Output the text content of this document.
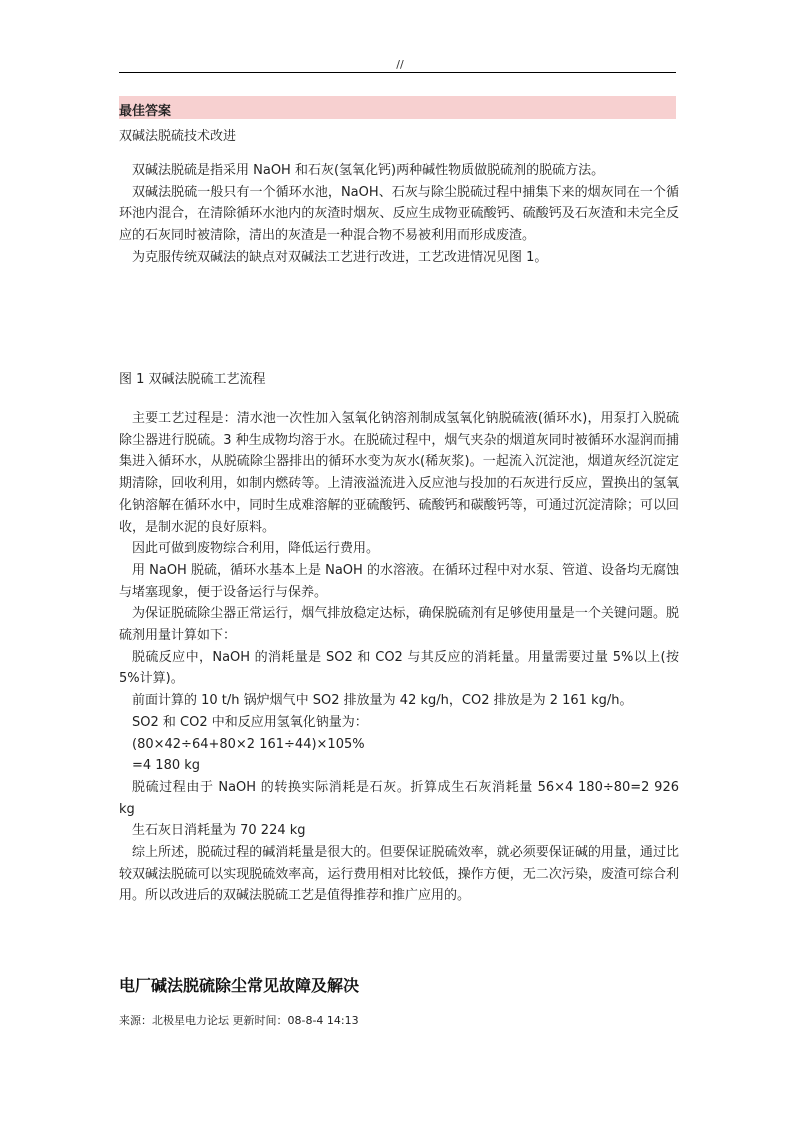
//
最佳答案
双碱法脱硫技术改进

双碱法脱硫是指采用 NaOH 和石灰(氢氧化钙)两种碱性物质做脱硫剂的脱硫方法。

双碱法脱硫一般只有一个循环水池，NaOH、石灰与除尘脱硫过程中捕集下来的烟灰同在一个循环池内混合，在清除循环水池内的灰渣时烟灰、反应生成物亚硫酸钙、硫酸钙及石灰渣和未完全反应的石灰同时被清除，清出的灰渣是一种混合物不易被利用而形成废渣。

为克服传统双碱法的缺点对双碱法工艺进行改进，工艺改进情况见图 1。

图 1 双碱法脱硫工艺流程

主要工艺过程是：清水池一次性加入氢氧化钠溶剂制成氢氧化钠脱硫液(循环水)，用泵打入脱硫除尘器进行脱硫。3 种生成物均溶于水。在脱硫过程中，烟气夹杂的烟道灰同时被循环水湿润而捕集进入循环水，从脱硫除尘器排出的循环水变为灰水(稀灰浆)。一起流入沉淀池，烟道灰经沉淀定期清除，回收利用，如制内燃砖等。上清液溢流进入反应池与投加的石灰进行反应，置换出的氢氧化钠溶解在循环水中，同时生成难溶解的亚硫酸钙、硫酸钙和碳酸钙等，可通过沉淀清除；可以回收，是制水泥的良好原料。

因此可做到废物综合利用，降低运行费用。

用 NaOH 脱硫，循环水基本上是 NaOH 的水溶液。在循环过程中对水泵、管道、设备均无腐蚀与堵塞现象，便于设备运行与保养。

为保证脱硫除尘器正常运行，烟气排放稳定达标，确保脱硫剂有足够使用量是一个关键问题。脱硫剂用量计算如下：

脱硫反应中，NaOH 的消耗量是 SO2 和 CO2 与其反应的消耗量。用量需要过量 5%以上(按 5%计算)。

前面计算的 10 t/h 锅炉烟气中 SO2 排放量为 42 kg/h，CO2 排放是为 2 161 kg/h。

SO2 和 CO2 中和反应用氢氧化钠量为：

(80×42÷64+80×2 161÷44)×105%

=4 180 kg

脱硫过程由于 NaOH 的转换实际消耗是石灰。折算成生石灰消耗量 56×4 180÷80=2 926 kg

生石灰日消耗量为 70 224 kg

综上所述，脱硫过程的碱消耗量是很大的。但要保证脱硫效率，就必须要保证碱的用量，通过比较双碱法脱硫可以实现脱硫效率高，运行费用相对比较低，操作方便，无二次污染，废渣可综合利用。所以改进后的双碱法脱硫工艺是值得推荐和推广应用的。

电厂碱法脱硫除尘常见故障及解决
来源：北极星电力论坛 更新时间：08-8-4 14:13
